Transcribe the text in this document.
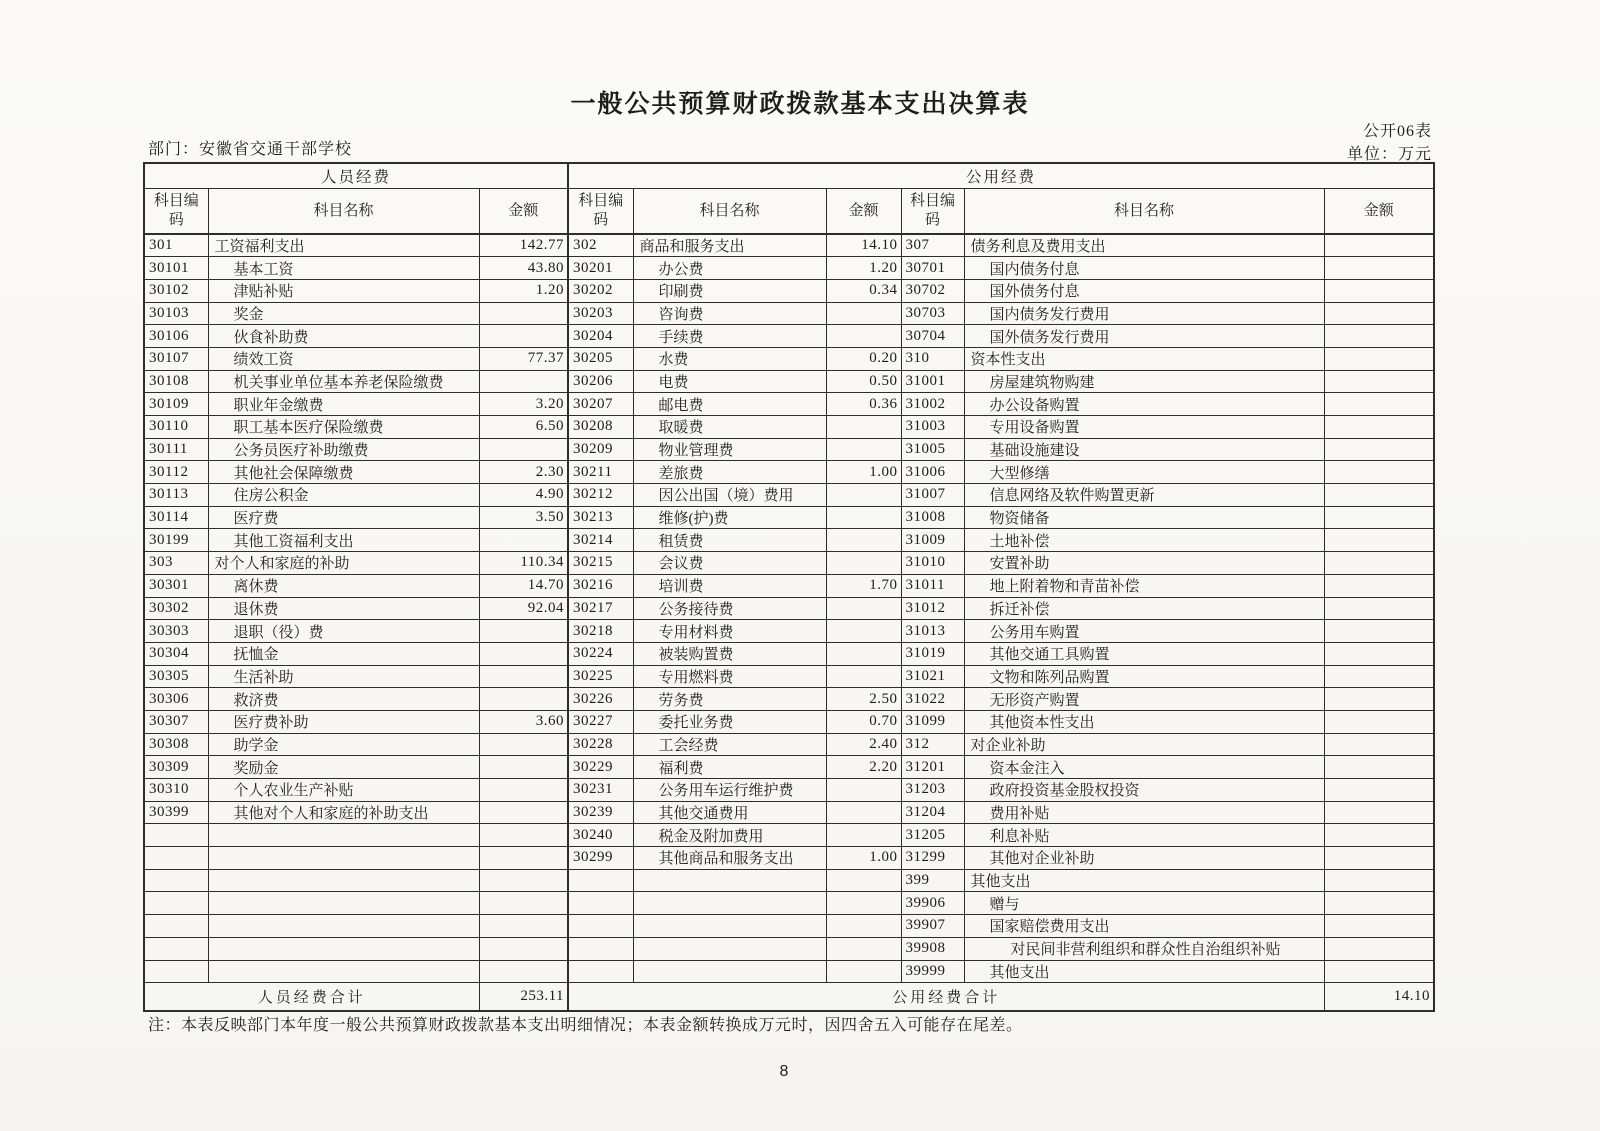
一般公共预算财政拨款基本支出决算表
公开06表
部门：安徽省交通干部学校	单位：万元
人员经费			公用经费					
科目编码	科目名称	金额	科目编码	科目名称	金额	科目编码	科目名称	金额
301	工资福利支出	142.77	302	商品和服务支出	14.10	307	债务利息及费用支出	
30101	基本工资	43.80	30201	办公费	1.20	30701	国内债务付息	
30102	津贴补贴	1.20	30202	印刷费	0.34	30702	国外债务付息	
30103	奖金		30203	咨询费		30703	国内债务发行费用	
30106	伙食补助费		30204	手续费		30704	国外债务发行费用	
30107	绩效工资	77.37	30205	水费	0.20	310	资本性支出	
30108	机关事业单位基本养老保险缴费		30206	电费	0.50	31001	房屋建筑物购建	
30109	职业年金缴费	3.20	30207	邮电费	0.36	31002	办公设备购置	
30110	职工基本医疗保险缴费	6.50	30208	取暖费		31003	专用设备购置	
30111	公务员医疗补助缴费		30209	物业管理费		31005	基础设施建设	
30112	其他社会保障缴费	2.30	30211	差旅费	1.00	31006	大型修缮	
30113	住房公积金	4.90	30212	因公出国（境）费用		31007	信息网络及软件购置更新	
30114	医疗费	3.50	30213	维修(护)费		31008	物资储备	
30199	其他工资福利支出		30214	租赁费		31009	土地补偿	
303	对个人和家庭的补助	110.34	30215	会议费		31010	安置补助	
30301	离休费	14.70	30216	培训费	1.70	31011	地上附着物和青苗补偿	
30302	退休费	92.04	30217	公务接待费		31012	拆迁补偿	
30303	退职（役）费		30218	专用材料费		31013	公务用车购置	
30304	抚恤金		30224	被装购置费		31019	其他交通工具购置	
30305	生活补助		30225	专用燃料费		31021	文物和陈列品购置	
30306	救济费		30226	劳务费	2.50	31022	无形资产购置	
30307	医疗费补助	3.60	30227	委托业务费	0.70	31099	其他资本性支出	
30308	助学金		30228	工会经费	2.40	312	对企业补助	
30309	奖励金		30229	福利费	2.20	31201	资本金注入	
30310	个人农业生产补贴		30231	公务用车运行维护费		31203	政府投资基金股权投资	
30399	其他对个人和家庭的补助支出		30239	其他交通费用		31204	费用补贴	
			30240	税金及附加费用		31205	利息补贴	
			30299	其他商品和服务支出	1.00	31299	其他对企业补助	
						399	其他支出	
						39906	赠与	
						39907	国家赔偿费用支出	
						39908	对民间非营利组织和群众性自治组织补贴	
						39999	其他支出	
人员经费合计		253.11	公用经费合计					14.10
注：本表反映部门本年度一般公共预算财政拨款基本支出明细情况；本表金额转换成万元时，因四舍五入可能存在尾差。
8
